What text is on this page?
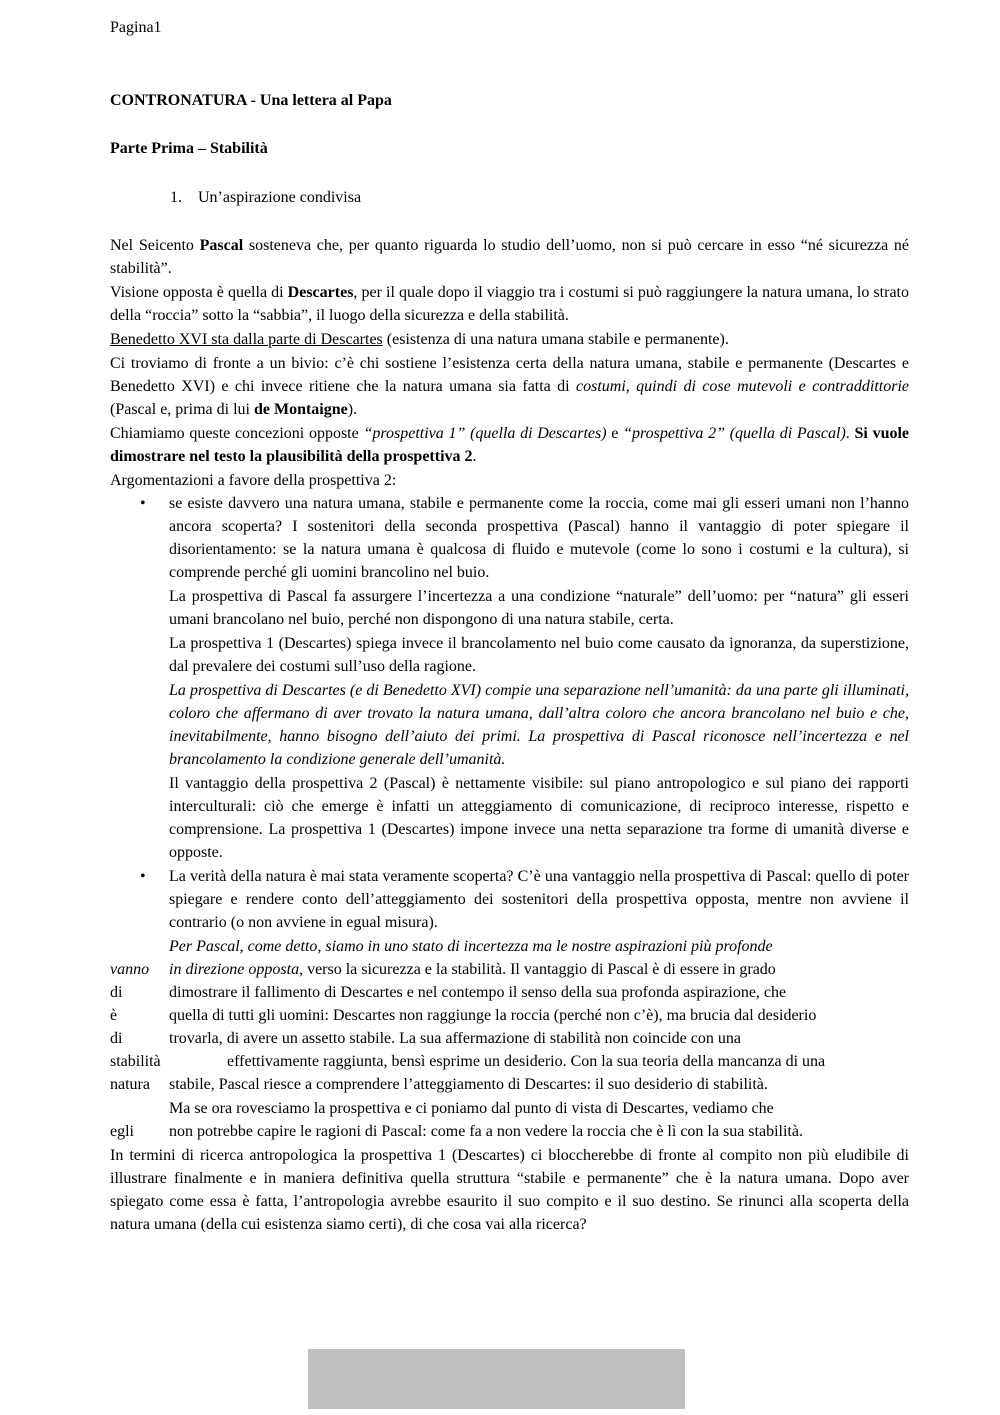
Pagina1

CONTRONATURA - Una lettera al Papa

Parte Prima – Stabilità

1. Un’aspirazione condivisa

Nel Seicento Pascal sosteneva che, per quanto riguarda lo studio dell’uomo, non si può cercare in esso “né sicurezza né stabilità”.

Visione opposta è quella di Descartes, per il quale dopo il viaggio tra i costumi si può raggiungere la natura umana, lo strato della “roccia” sotto la “sabbia”, il luogo della sicurezza e della stabilità.

Benedetto XVI sta dalla parte di Descartes (esistenza di una natura umana stabile e permanente).

Ci troviamo di fronte a un bivio: c’è chi sostiene l’esistenza certa della natura umana, stabile e permanente (Descartes e Benedetto XVI) e chi invece ritiene che la natura umana sia fatta di costumi, quindi di cose mutevoli e contraddittorie (Pascal e, prima di lui de Montaigne).

Chiamiamo queste concezioni opposte “prospettiva 1” (quella di Descartes) e “prospettiva 2” (quella di Pascal). Si vuole dimostrare nel testo la plausibilità della prospettiva 2.

Argomentazioni a favore della prospettiva 2:

• se esiste davvero una natura umana, stabile e permanente come la roccia, come mai gli esseri umani non l’hanno ancora scoperta? I sostenitori della seconda prospettiva (Pascal) hanno il vantaggio di poter spiegare il disorientamento: se la natura umana è qualcosa di fluido e mutevole (come lo sono i costumi e la cultura), si comprende perché gli uomini brancolino nel buio.

La prospettiva di Pascal fa assurgere l’incertezza a una condizione “naturale” dell’uomo: per “natura” gli esseri umani brancolano nel buio, perché non dispongono di una natura stabile, certa.

La prospettiva 1 (Descartes) spiega invece il brancolamento nel buio come causato da ignoranza, da superstizione, dal prevalere dei costumi sull’uso della ragione.

La prospettiva di Descartes (e di Benedetto XVI) compie una separazione nell’umanità: da una parte gli illuminati, coloro che affermano di aver trovato la natura umana, dall’altra coloro che ancora brancolano nel buio e che, inevitabilmente, hanno bisogno dell’aiuto dei primi. La prospettiva di Pascal riconosce nell’incertezza e nel brancolamento la condizione generale dell’umanità.

Il vantaggio della prospettiva 2 (Pascal) è nettamente visibile: sul piano antropologico e sul piano dei rapporti interculturali: ciò che emerge è infatti un atteggiamento di comunicazione, di reciproco interesse, rispetto e comprensione. La prospettiva 1 (Descartes) impone invece una netta separazione tra forme di umanità diverse e opposte.

• La verità della natura è mai stata veramente scoperta? C’è una vantaggio nella prospettiva di Pascal: quello di poter spiegare e rendere conto dell’atteggiamento dei sostenitori della prospettiva opposta, mentre non avviene il contrario (o non avviene in egual misura).

Per Pascal, come detto, siamo in uno stato di incertezza ma le nostre aspirazioni più profonde

vanno in direzione opposta, verso la sicurezza e la stabilità. Il vantaggio di Pascal è di essere in grado

di	dimostrare il fallimento di Descartes e nel contempo il senso della sua profonda aspirazione, che

è	quella di tutti gli uomini: Descartes non raggiunge la roccia (perché non c’è), ma brucia dal desiderio

di	trovarla, di avere un assetto stabile. La sua affermazione di stabilità non coincide con una

stabilità	effettivamente raggiunta, bensì esprime un desiderio. Con la sua teoria della mancanza di una

natura stabile, Pascal riesce a comprendere l’atteggiamento di Descartes: il suo desiderio di stabilità.

Ma se ora rovesciamo la prospettiva e ci poniamo dal punto di vista di Descartes, vediamo che

egli non potrebbe capire le ragioni di Pascal: come fa a non vedere la roccia che è lì con la sua stabilità.

In termini di ricerca antropologica la prospettiva 1 (Descartes) ci bloccherebbe di fronte al compito non più eludibile di illustrare finalmente e in maniera definitiva quella struttura “stabile e permanente” che è la natura umana. Dopo aver spiegato come essa è fatta, l’antropologia avrebbe esaurito il suo compito e il suo destino. Se rinunci alla scoperta della natura umana (della cui esistenza siamo certi), di che cosa vai alla ricerca?
